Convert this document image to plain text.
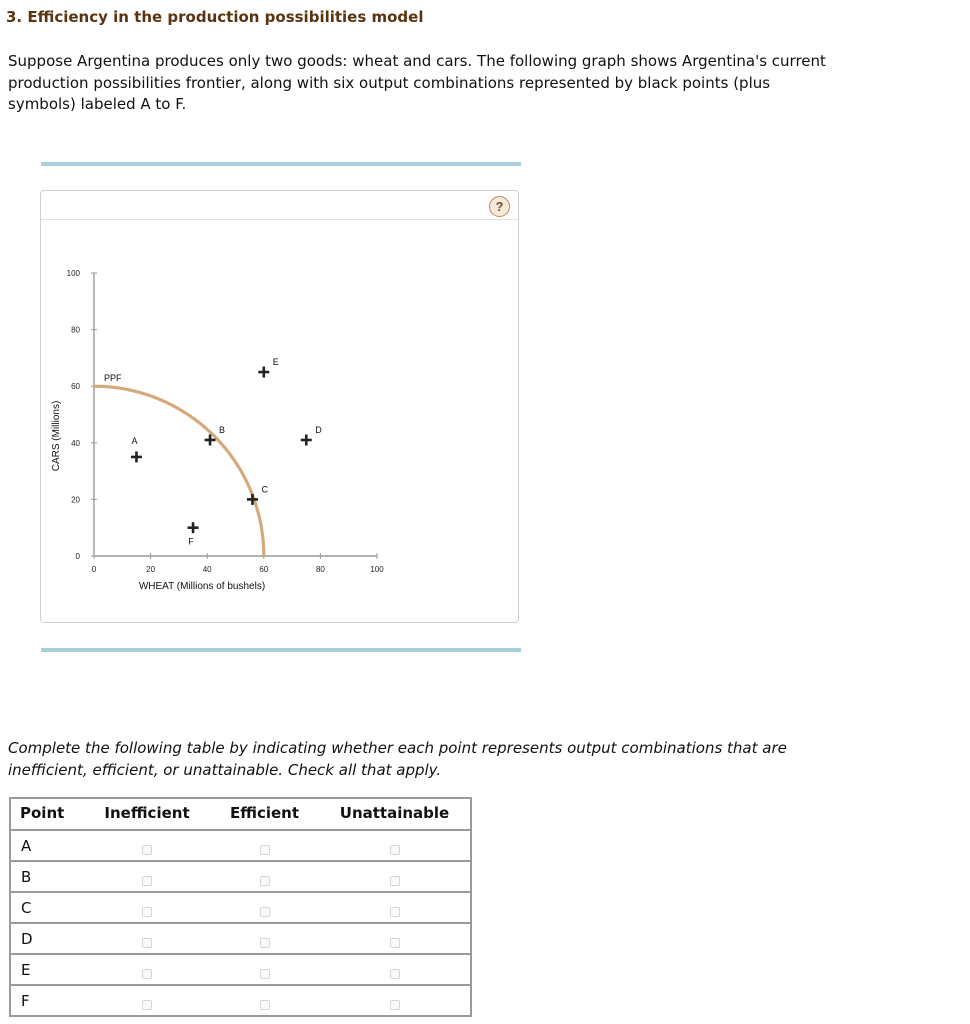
3. Efficiency in the production possibilities model
Suppose Argentina produces only two goods: wheat and cars. The following graph shows Argentina's current production possibilities frontier, along with six output combinations represented by black points (plus symbols) labeled A to F.
?
0	20	40	60	80	100
0
20
40
60
80
100
WHEAT (Millions of bushels)
CARS (Millions)
PPF
A
B
C
D
E
F
Complete the following table by indicating whether each point represents output combinations that are inefficient, efficient, or unattainable. Check all that apply.
Point	Inefficient	Efficient	Unattainable
A			
B			
C			
D			
E			
F			
